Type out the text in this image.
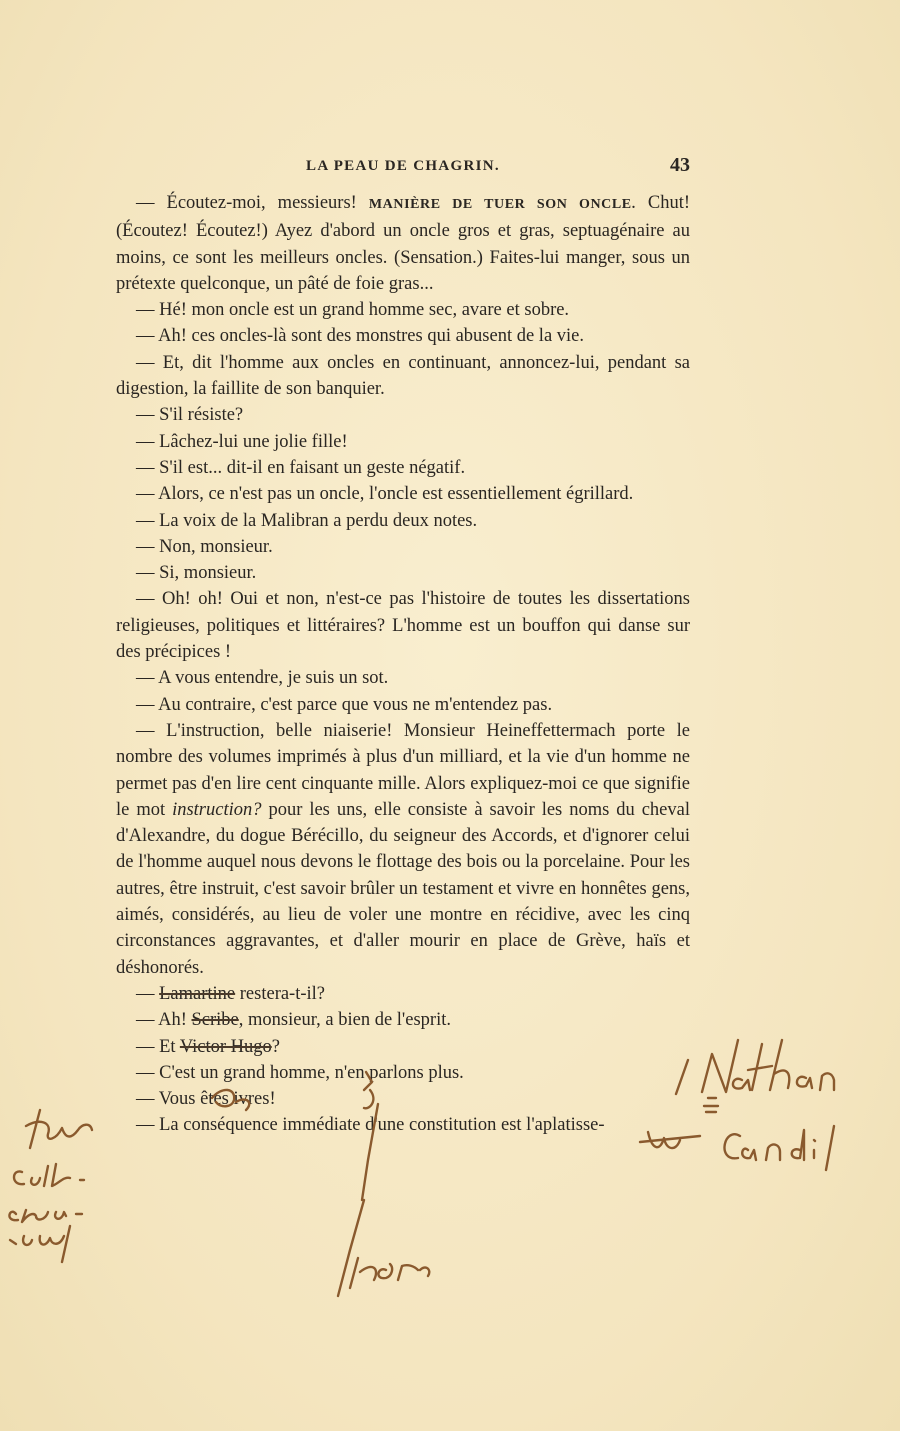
LA PEAU DE CHAGRIN.	43

— Écoutez-moi, messieurs! MANIÈRE DE TUER SON ONCLE. Chut! (Écoutez! Écoutez!) Ayez d'abord un oncle gros et gras, septuagénaire au moins, ce sont les meilleurs oncles. (Sensation.) Faites-lui manger, sous un prétexte quelconque, un pâté de foie gras...

— Hé! mon oncle est un grand homme sec, avare et sobre.

— Ah! ces oncles-là sont des monstres qui abusent de la vie.

— Et, dit l'homme aux oncles en continuant, annoncez-lui, pendant sa digestion, la faillite de son banquier.

— S'il résiste?

— Lâchez-lui une jolie fille!

— S'il est... dit-il en faisant un geste négatif.

— Alors, ce n'est pas un oncle, l'oncle est essentiellement égrillard.

— La voix de la Malibran a perdu deux notes.

— Non, monsieur.

— Si, monsieur.

— Oh! oh! Oui et non, n'est-ce pas l'histoire de toutes les dissertations religieuses, politiques et littéraires? L'homme est un bouffon qui danse sur des précipices !

— A vous entendre, je suis un sot.

— Au contraire, c'est parce que vous ne m'entendez pas.

— L'instruction, belle niaiserie! Monsieur Heineffettermach porte le nombre des volumes imprimés à plus d'un milliard, et la vie d'un homme ne permet pas d'en lire cent cinquante mille. Alors expliquez-moi ce que signifie le mot instruction? pour les uns, elle consiste à savoir les noms du cheval d'Alexandre, du dogue Bérécillo, du seigneur des Accords, et d'ignorer celui de l'homme auquel nous devons le flottage des bois ou la porcelaine. Pour les autres, être instruit, c'est savoir brûler un testament et vivre en honnêtes gens, aimés, considérés, au lieu de voler une montre en récidive, avec les cinq circonstances aggravantes, et d'aller mourir en place de Grève, haïs et déshonorés.

— Lamartine restera-t-il?

— Ah! Scribe, monsieur, a bien de l'esprit.

— Et Victor Hugo?

— C'est un grand homme, n'en parlons plus.

— Vous êtes ivres!

— La conséquence immédiate d'une constitution est l'aplatisse-
